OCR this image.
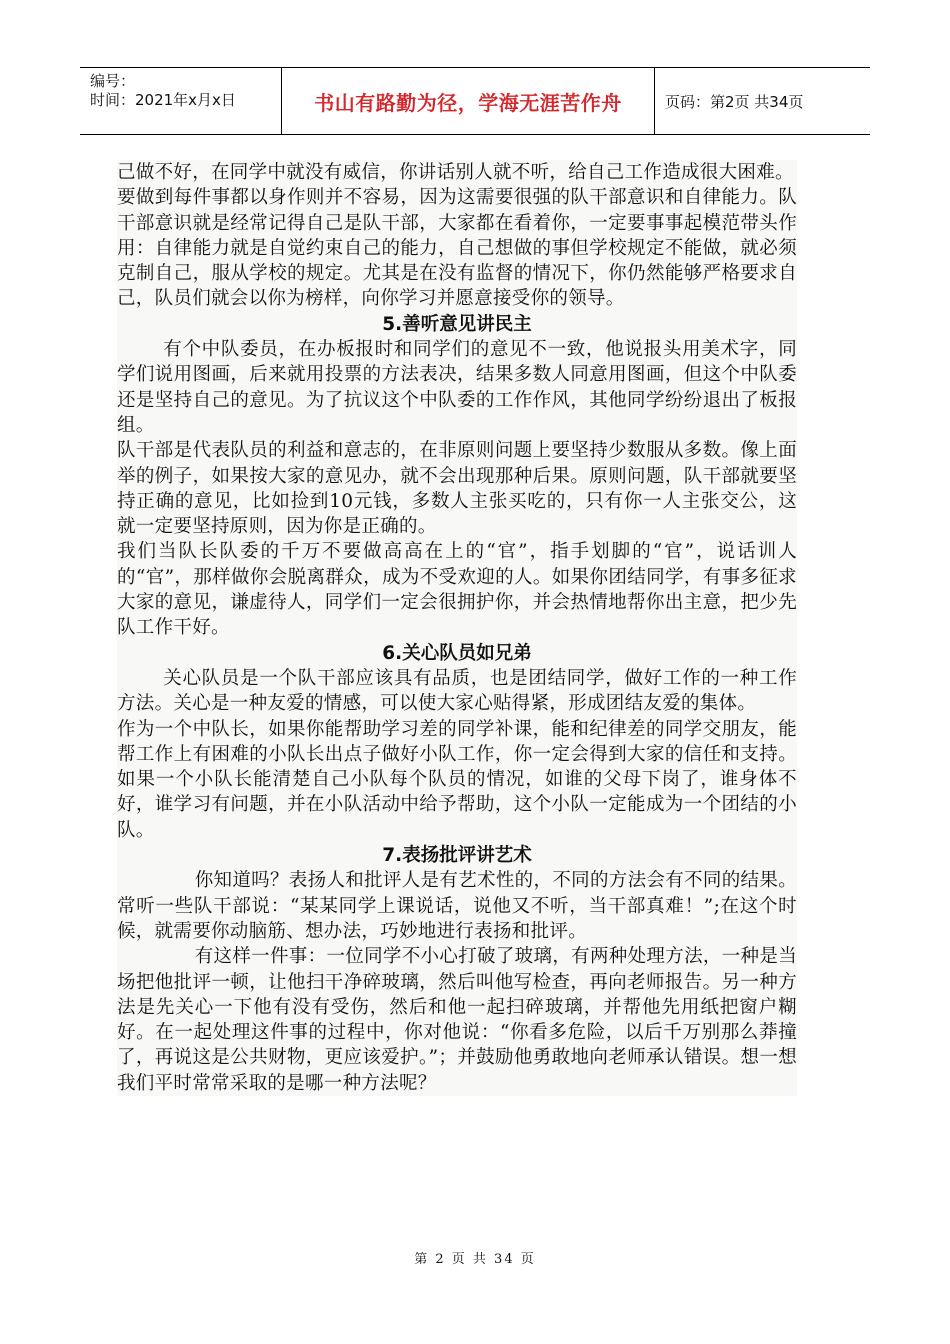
编号：
时间：2021年x月x日	书山有路勤为径，学海无涯苦作舟	页码：第2页 共34页

己做不好，在同学中就没有威信，你讲话别人就不听，给自己工作造成很大困难。

要做到每件事都以身作则并不容易，因为这需要很强的队干部意识和自律能力。队干部意识就是经常记得自己是队干部，大家都在看着你，一定要事事起模范带头作用：自律能力就是自觉约束自己的能力，自己想做的事但学校规定不能做，就必须克制自己，服从学校的规定。尤其是在没有监督的情况下，你仍然能够严格要求自己，队员们就会以你为榜样，向你学习并愿意接受你的领导。

5.善听意见讲民主

有个中队委员，在办板报时和同学们的意见不一致，他说报头用美术字，同学们说用图画，后来就用投票的方法表决，结果多数人同意用图画，但这个中队委还是坚持自己的意见。为了抗议这个中队委的工作作风，其他同学纷纷退出了板报组。

队干部是代表队员的利益和意志的，在非原则问题上要坚持少数服从多数。像上面举的例子，如果按大家的意见办，就不会出现那种后果。原则问题，队干部就要坚持正确的意见，比如捡到10元钱，多数人主张买吃的，只有你一人主张交公，这就一定要坚持原则，因为你是正确的。

我们当队长队委的千万不要做高高在上的“官”，指手划脚的“官”，说话训人的“官”，那样做你会脱离群众，成为不受欢迎的人。如果你团结同学，有事多征求大家的意见，谦虚待人，同学们一定会很拥护你，并会热情地帮你出主意，把少先队工作干好。

6.关心队员如兄弟

关心队员是一个队干部应该具有品质，也是团结同学，做好工作的一种工作方法。关心是一种友爱的情感，可以使大家心贴得紧，形成团结友爱的集体。

作为一个中队长，如果你能帮助学习差的同学补课，能和纪律差的同学交朋友，能帮工作上有困难的小队长出点子做好小队工作，你一定会得到大家的信任和支持。如果一个小队长能清楚自己小队每个队员的情况，如谁的父母下岗了，谁身体不好，谁学习有问题，并在小队活动中给予帮助，这个小队一定能成为一个团结的小队。

7.表扬批评讲艺术

你知道吗？表扬人和批评人是有艺术性的，不同的方法会有不同的结果。常听一些队干部说：“某某同学上课说话，说他又不听，当干部真难！”;在这个时候，就需要你动脑筋、想办法，巧妙地进行表扬和批评。

有这样一件事：一位同学不小心打破了玻璃，有两种处理方法，一种是当场把他批评一顿，让他扫干净碎玻璃，然后叫他写检查，再向老师报告。另一种方法是先关心一下他有没有受伤，然后和他一起扫碎玻璃，并帮他先用纸把窗户糊好。在一起处理这件事的过程中，你对他说：“你看多危险，以后千万别那么莽撞了，再说这是公共财物，更应该爱护。”；并鼓励他勇敢地向老师承认错误。想一想我们平时常常采取的是哪一种方法呢？

第 2 页 共 34 页
